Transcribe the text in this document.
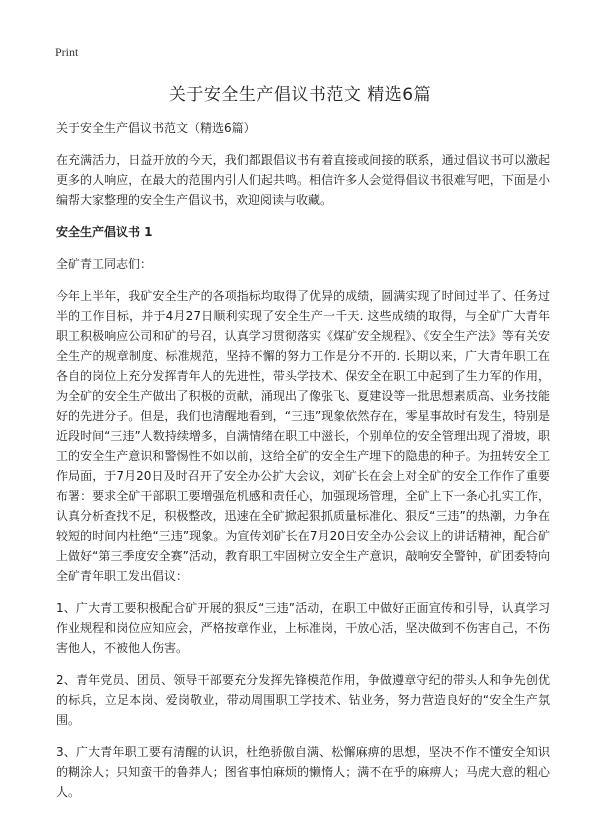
Print
关于安全生产倡议书范文 精选6篇

关于安全生产倡议书范文（精选6篇）

在充满活力，日益开放的今天，我们都跟倡议书有着直接或间接的联系，通过倡议书可以激起更多的人响应，在最大的范围内引人们起共鸣。相信许多人会觉得倡议书很难写吧，下面是小编帮大家整理的安全生产倡议书，欢迎阅读与收藏。

安全生产倡议书 1

全矿青工同志们：

今年上半年，我矿安全生产的各项指标均取得了优异的成绩，圆满实现了时间过半了、任务过半的工作目标，并于4月27日顺利实现了安全生产一千天. 这些成绩的取得，与全矿广大青年职工积极响应公司和矿的号召，认真学习贯彻落实《煤矿安全规程》、《安全生产法》等有关安全生产的规章制度、标准规范，坚持不懈的努力工作是分不开的. 长期以来，广大青年职工在各自的岗位上充分发挥青年人的先进性，带头学技术、保安全在职工中起到了生力军的作用，为全矿的安全生产做出了积极的贡献，涌现出了像张飞、夏建设等一批思想素质高、业务技能好的先进分子。但是，我们也清醒地看到，“三违”现象依然存在，零星事故时有发生，特别是近段时间“三违”人数持续增多，自满情绪在职工中滋长，个别单位的安全管理出现了滑坡，职工的安全生产意识和警惕性不如以前，这给全矿的安全生产埋下的隐患的种子。为扭转安全工作局面，于7月20日及时召开了安全办公扩大会议，刘矿长在会上对全矿的安全工作作了重要布署：要求全矿干部职工要增强危机感和责任心，加强现场管理，全矿上下一条心扎实工作，认真分析查找不足，积极整改，迅速在全矿掀起狠抓质量标准化、狠反“三违”的热潮，力争在较短的时间内杜绝“三违”现象。为宣传刘矿长在7月20日安全办公会议上的讲话精神，配合矿上做好“第三季度安全赛”活动，教育职工牢固树立安全生产意识，敲响安全警钟，矿团委特向全矿青年职工发出倡议：

1、广大青工要积极配合矿开展的狠反“三违”活动，在职工中做好正面宣传和引导，认真学习作业规程和岗位应知应会，严格按章作业，上标准岗，干放心活，坚决做到不伤害自己，不伤害他人，不被他人伤害。

2、青年党员、团员、领导干部要充分发挥先锋模范作用，争做遵章守纪的带头人和争先创优的标兵，立足本岗、爱岗敬业，带动周围职工学技术、钻业务，努力营造良好的“安全生产氛围。

3、广大青年职工要有清醒的认识，杜绝骄傲自满、松懈麻痹的思想，坚决不作不懂安全知识的糊涂人；只知蛮干的鲁莽人；图省事怕麻烦的懒惰人；满不在乎的麻痹人；马虎大意的粗心人。
